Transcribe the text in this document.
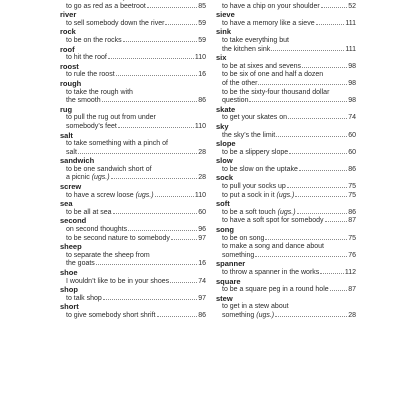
to go as red as a beetroot	85
river
to sell somebody down the river	59
rock
to be on the rocks	59
roof
to hit the roof	110
roost
to rule the roost	16
rough
to take the rough with
the smooth	86
rug
to pull the rug out from under
somebody’s feet	110
salt
to take something with a pinch of
salt	28
sandwich
to be one sandwich short of
a picnic (ugs.)	28
screw
to have a screw loose (ugs.)	110
sea
to be all at sea	60
second
on second thoughts	96
to be second nature to somebody	97
sheep
to separate the sheep from
the goats	16
shoe
I wouldn’t like to be in your shoes	74
shop
to talk shop	97
short
to give somebody short shrift	86
to have a chip on your shoulder	52
sieve
to have a memory like a sieve	111
sink
to take everything but
the kitchen sink	111
six
to be at sixes and sevens	98
to be six of one and half a dozen
of the other	98
to be the sixty-four thousand dollar
question	98
skate
to get your skates on	74
sky
the sky’s the limit	60
slope
to be a slippery slope	60
slow
to be slow on the uptake	86
sock
to pull your socks up	75
to put a sock in it (ugs.)	75
soft
to be a soft touch (ugs.)	86
to have a soft spot for somebody	87
song
to be on song	75
to make a song and dance about
something	76
spanner
to throw a spanner in the works	112
square
to be a square peg in a round hole	87
stew
to get in a stew about
something (ugs.)	28
